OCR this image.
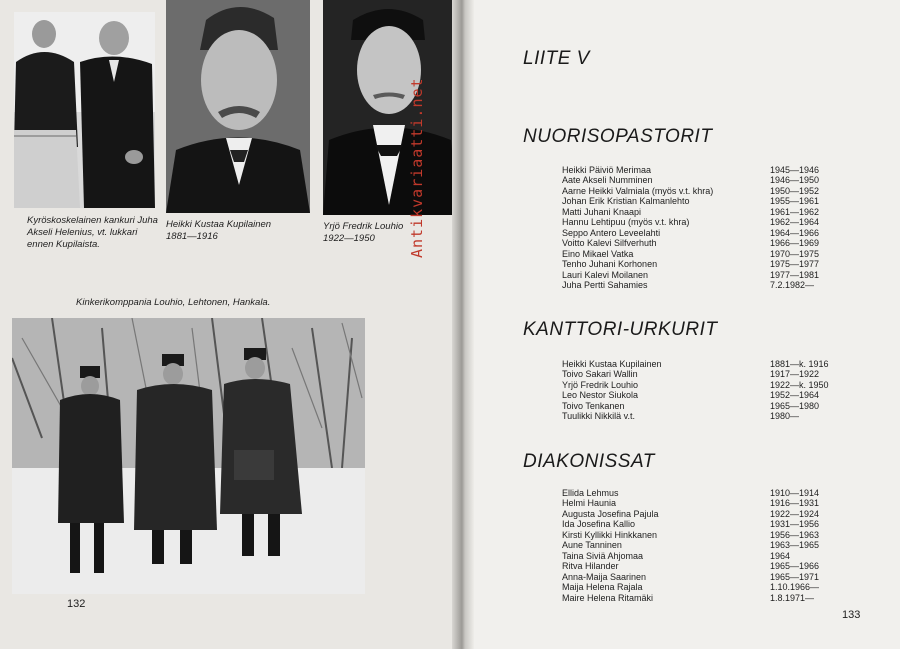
Kyröskoskelainen kankuri Juha Akseli Helenius, vt. lukkari ennen Kupilaista.
Heikki Kustaa Kupilainen 1881—1916
Yrjö Fredrik Louhio 1922—1950
Kinkerikomppania Louhio, Lehtonen, Hankala.
132
Antikvariaatti.net
LIITE V
NUORISOPASTORIT
Heikki Päiviö Merimaa	1945—1946
Aate Akseli Numminen	1946—1950
Aarne Heikki Valmiala (myös v.t. khra)	1950—1952
Johan Erik Kristian Kalmanlehto	1955—1961
Matti Juhani Knaapi	1961—1962
Hannu Lehtipuu (myös v.t. khra)	1962—1964
Seppo Antero Leveelahti	1964—1966
Voitto Kalevi Silfverhuth	1966—1969
Eino Mikael Vatka	1970—1975
Tenho Juhani Korhonen	1975—1977
Lauri Kalevi Moilanen	1977—1981
Juha Pertti Sahamies	7.2.1982—
KANTTORI-URKURIT
Heikki Kustaa Kupilainen	1881—k. 1916
Toivo Sakari Wallin	1917—1922
Yrjö Fredrik Louhio	1922—k. 1950
Leo Nestor Siukola	1952—1964
Toivo Tenkanen	1965—1980
Tuulikki Nikkilä v.t.	1980—
DIAKONISSAT
Ellida Lehmus	1910—1914
Helmi Haunia	1916—1931
Augusta Josefina Pajula	1922—1924
Ida Josefina Kallio	1931—1956
Kirsti Kyllikki Hinkkanen	1956—1963
Aune Tanninen	1963—1965
Taina Siviä Ahjomaa	1964
Ritva Hilander	1965—1966
Anna-Maija Saarinen	1965—1971
Maija Helena Rajala	1.10.1966—
Maire Helena Ritamäki	1.8.1971—
133
